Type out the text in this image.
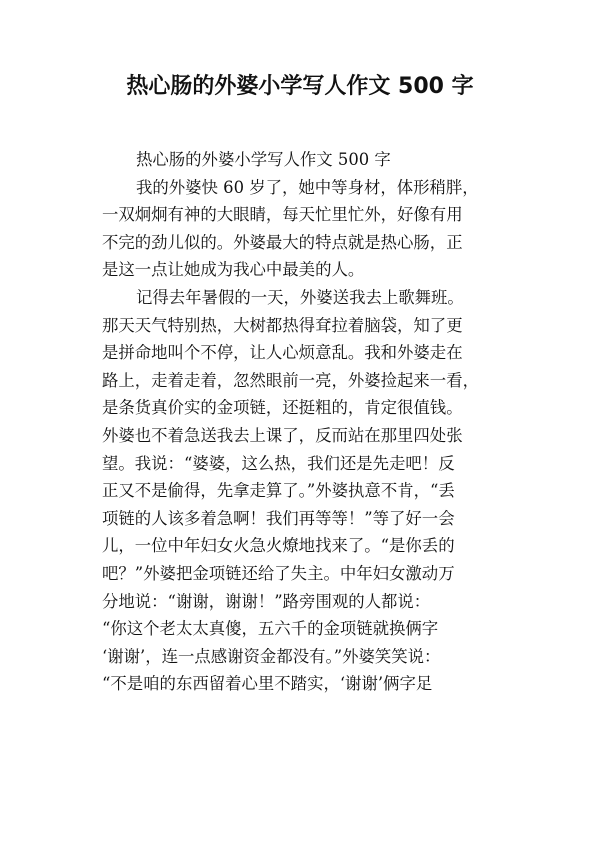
热心肠的外婆小学写人作文 500 字
热心肠的外婆小学写人作文 500 字
我的外婆快 60 岁了，她中等身材，体形稍胖，
一双炯炯有神的大眼睛，每天忙里忙外，好像有用
不完的劲儿似的。外婆最大的特点就是热心肠，正
是这一点让她成为我心中最美的人。
记得去年暑假的一天，外婆送我去上歌舞班。
那天天气特别热，大树都热得耷拉着脑袋，知了更
是拼命地叫个不停，让人心烦意乱。我和外婆走在
路上，走着走着，忽然眼前一亮，外婆捡起来一看，
是条货真价实的金项链，还挺粗的，肯定很值钱。
外婆也不着急送我去上课了，反而站在那里四处张
望。我说：“婆婆，这么热，我们还是先走吧！反
正又不是偷得，先拿走算了。”外婆执意不肯，“丢
项链的人该多着急啊！我们再等等！”等了好一会
儿，一位中年妇女火急火燎地找来了。“是你丢的
吧？”外婆把金项链还给了失主。中年妇女激动万
分地说：“谢谢，谢谢！”路旁围观的人都说：
“你这个老太太真傻，五六千的金项链就换俩字
‘谢谢’，连一点感谢资金都没有。”外婆笑笑说：
“不是咱的东西留着心里不踏实，‘谢谢’俩字足
